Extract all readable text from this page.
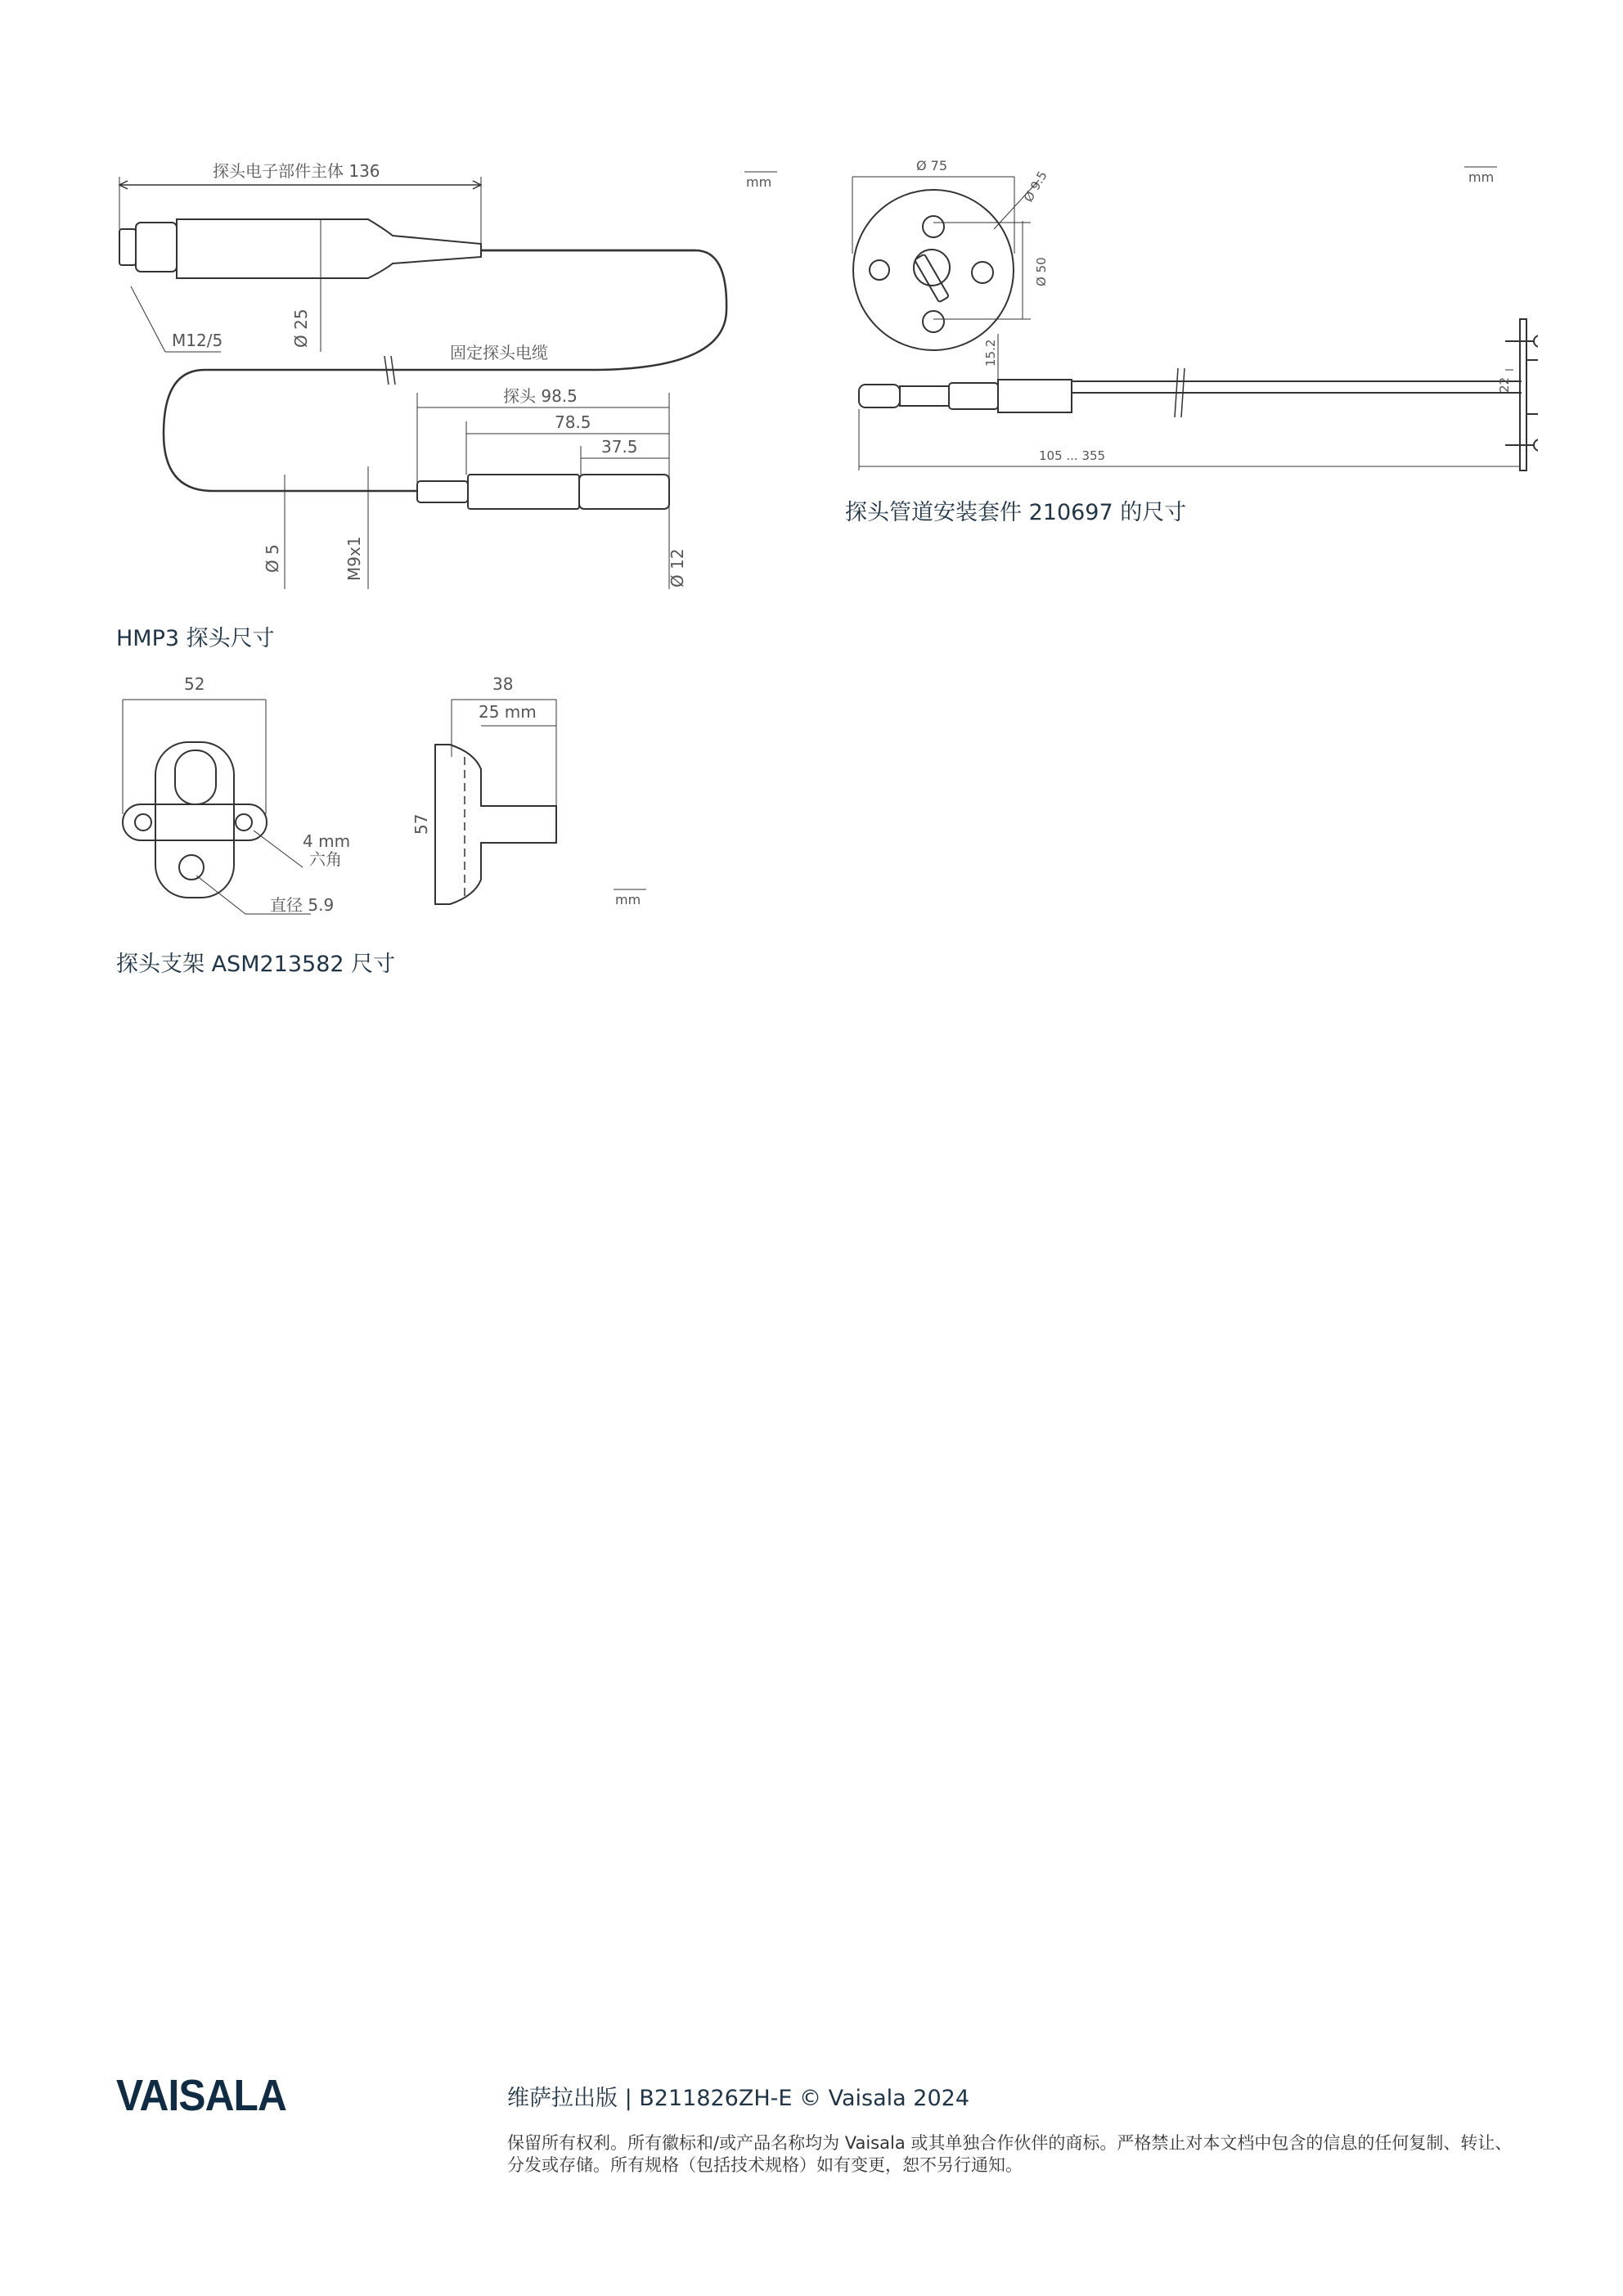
探头电子部件主体 136
mm
Ø 25
M12/5
固定探头电缆
探头 98.5
78.5
37.5
Ø 5	M9x1	Ø 12
HMP3 探头尺寸
Ø 75
Ø 9.5
Ø 50
mm
15.2
22
105 ... 355
探头管道安装套件 210697 的尺寸
52
4 mm
六角
直径 5.9
38
25 mm
57
mm
探头支架 ASM213582 尺寸
VAISALA	维萨拉出版 | B211826ZH-E © Vaisala 2024
保留所有权利。所有徽标和/或产品名称均为 Vaisala 或其单独合作伙伴的商标。严格禁止对本文档中包含的信息的任何复制、转让、分发或存储。所有规格（包括技术规格）如有变更，恕不另行通知。
